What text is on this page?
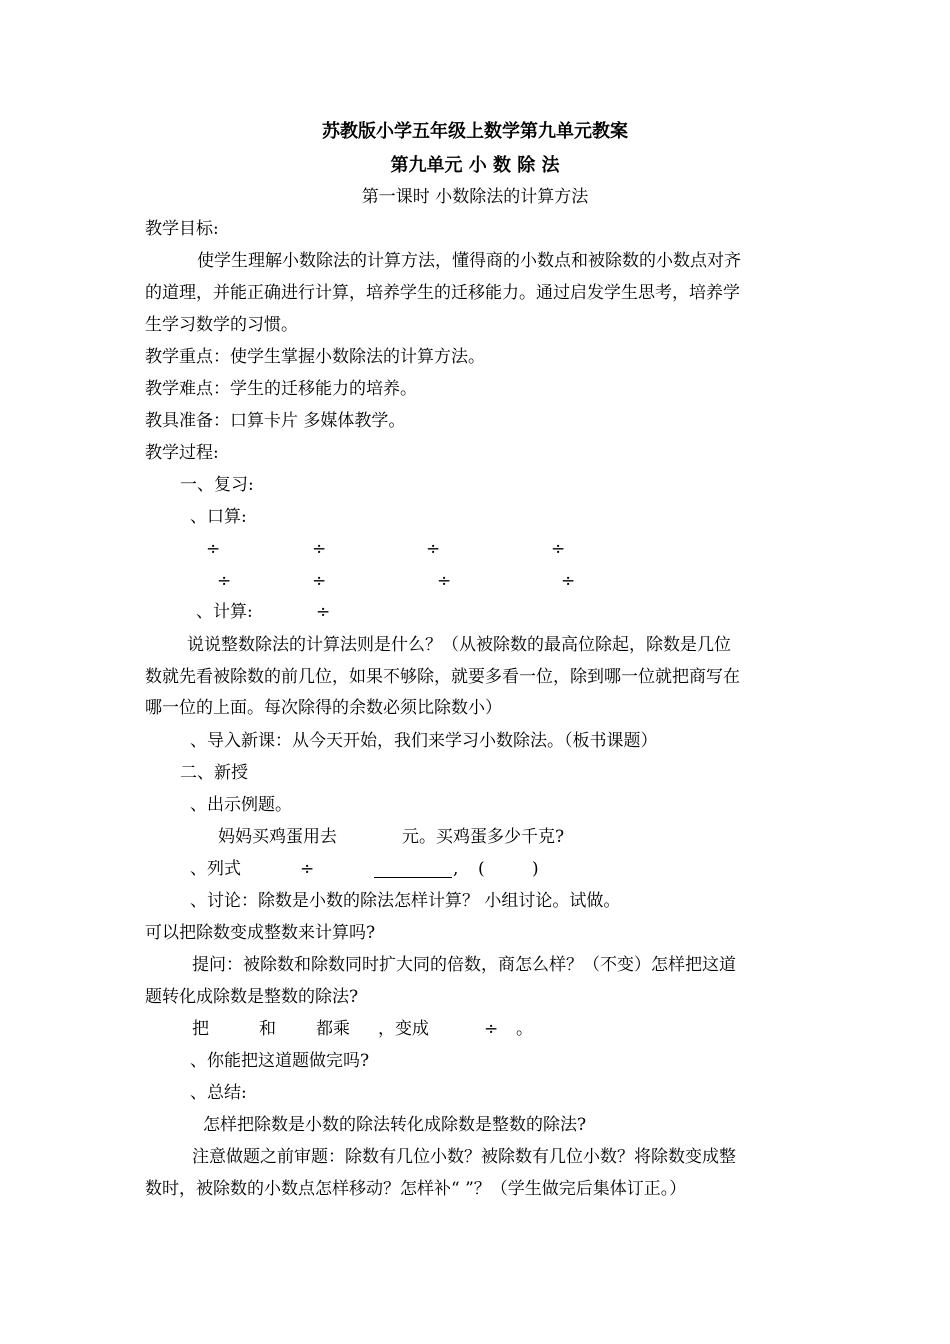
苏教版小学五年级上数学第九单元教案
第九单元 小 数 除 法
第一课时 小数除法的计算方法
教学目标:
使学生理解小数除法的计算方法，懂得商的小数点和被除数的小数点对齐
的道理，并能正确进行计算，培养学生的迁移能力。通过启发学生思考，培养学
生学习数学的习惯。
教学重点：使学生掌握小数除法的计算方法。
教学难点：学生的迁移能力的培养。
教具准备：口算卡片 多媒体教学。
教学过程:
一、复习:
、口算:
÷	÷	÷	÷
÷	÷	÷	÷
、计算:	÷
说说整数除法的计算法则是什么？（从被除数的最高位除起，除数是几位
数就先看被除数的前几位，如果不够除，就要多看一位，除到哪一位就把商写在
哪一位的上面。每次除得的余数必须比除数小）
、导入新课：从今天开始，我们来学习小数除法。（板书课题）
二、新授
、出示例题。
妈妈买鸡蛋用去	元。买鸡蛋多少千克?
、列式	÷	, (	)
、讨论：除数是小数的除法怎样计算？ 小组讨论。试做。
可以把除数变成整数来计算吗?
提问：被除数和除数同时扩大同的倍数，商怎么样？（不变）怎样把这道
题转化成除数是整数的除法?
把	和 都乘 ，变成	÷ 。
、你能把这道题做完吗?
、总结:
怎样把除数是小数的除法转化成除数是整数的除法?
注意做题之前审题：除数有几位小数？被除数有几位小数？将除数变成整
数时，被除数的小数点怎样移动？怎样补“ ”？（学生做完后集体订正。）
